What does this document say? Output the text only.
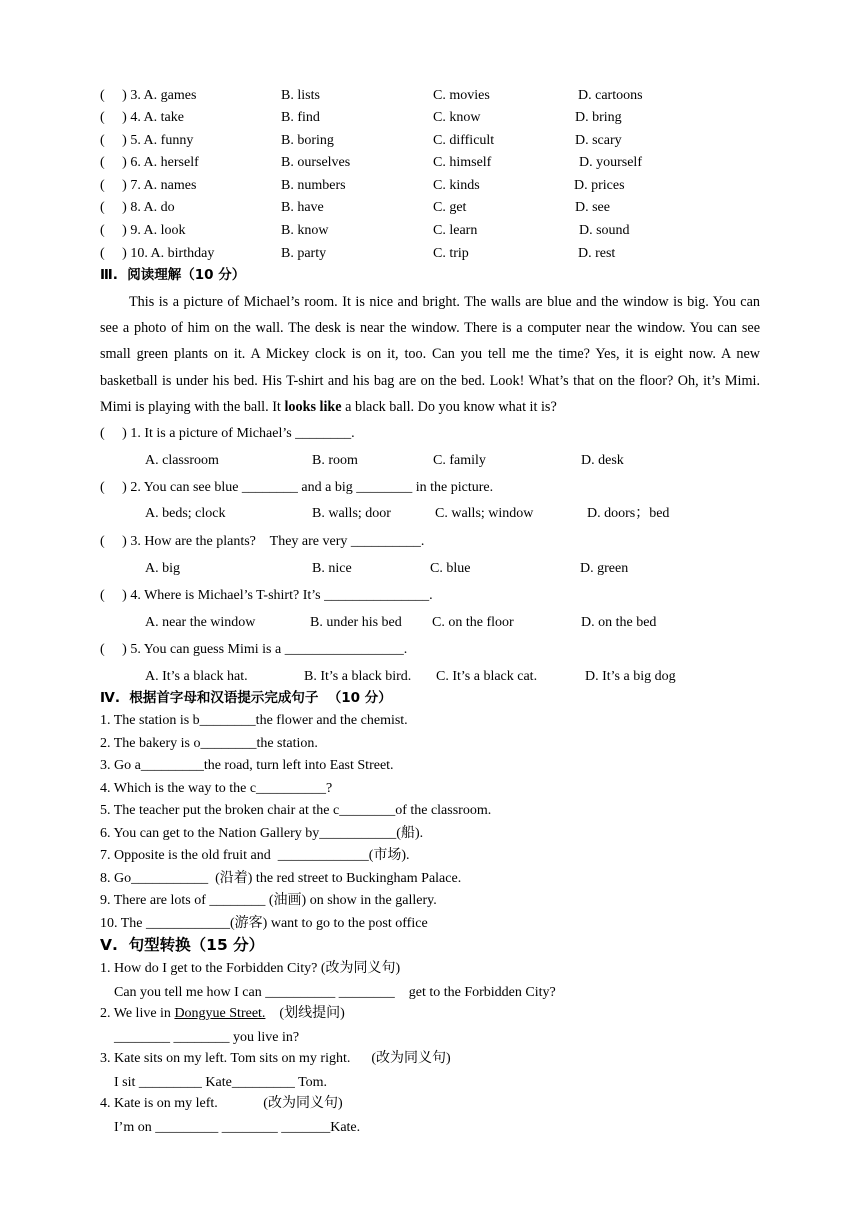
(     ) 3. A. games	B. lists	C. movies	D. cartoons
(     ) 4. A. take	B. find	C. know	D. bring
(     ) 5. A. funny	B. boring	C. difficult	D. scary
(     ) 6. A. herself	B. ourselves	C. himself	D. yourself
(     ) 7. A. names	B. numbers	C. kinds	D. prices
(     ) 8. A. do	B. have	C. get	D. see
(     ) 9. A. look	B. know	C. learn	D. sound
(     ) 10. A. birthday	B. party	C. trip	D. rest
Ⅲ.  阅读理解（10 分）
This is a picture of Michael’s room. It is nice and bright. The walls are blue and the window is big. You can see a photo of him on the wall. The desk is near the window. There is a computer near the window. You can see small green plants on it. A Mickey clock is on it, too. Can you tell me the time? Yes, it is eight now. A new basketball is under his bed. His T-shirt and his bag are on the bed. Look! What’s that on the floor? Oh, it’s Mimi. Mimi is playing with the ball. It looks like a black ball. Do you know what it is?
(     ) 1. It is a picture of Michael’s ________.
A. classroom	B. room	C. family	D. desk
(     ) 2. You can see blue ________ and a big ________ in the picture.
A. beds; clock	B. walls; door	C. walls; window	D. doors；bed
(     ) 3. How are the plants?    They are very __________.
A. big	B. nice	C. blue	D. green
(     ) 4. Where is Michael’s T-shirt? It’s _______________.
A. near the window	B. under his bed C. on the floor	D. on the bed
(     ) 5. You can guess Mimi is a _________________.
A. It’s a black hat.	B. It’s a black bird. C. It’s a black cat.	D. It’s a big dog
Ⅳ.  根据首字母和汉语提示完成句子  （10 分）
1. The station is b________the flower and the chemist.
2. The bakery is o________the station.
3. Go a_________the road, turn left into East Street.
4. Which is the way to the c__________?
5. The teacher put the broken chair at the c________of the classroom.
6. You can get to the Nation Gallery by___________(船).
7. Opposite is the old fruit and  _____________(市场).
8. Go___________  (沿着) the red street to Buckingham Palace.
9. There are lots of ________ (油画) on show in the gallery.
10. The ____________(游客) want to go to the post office
Ⅴ.  句型转换（15 分）
1. How do I get to the Forbidden City? (改为同义句)
Can you tell me how I can __________ ________    get to the Forbidden City?
2. We live in Dongyue Street.    (划线提问)
________ ________ you live in?
3. Kate sits on my left. Tom sits on my right.      (改为同义句)
I sit _________ Kate_________ Tom.
4. Kate is on my left.             (改为同义句)
I’m on _________ ________ _______Kate.
